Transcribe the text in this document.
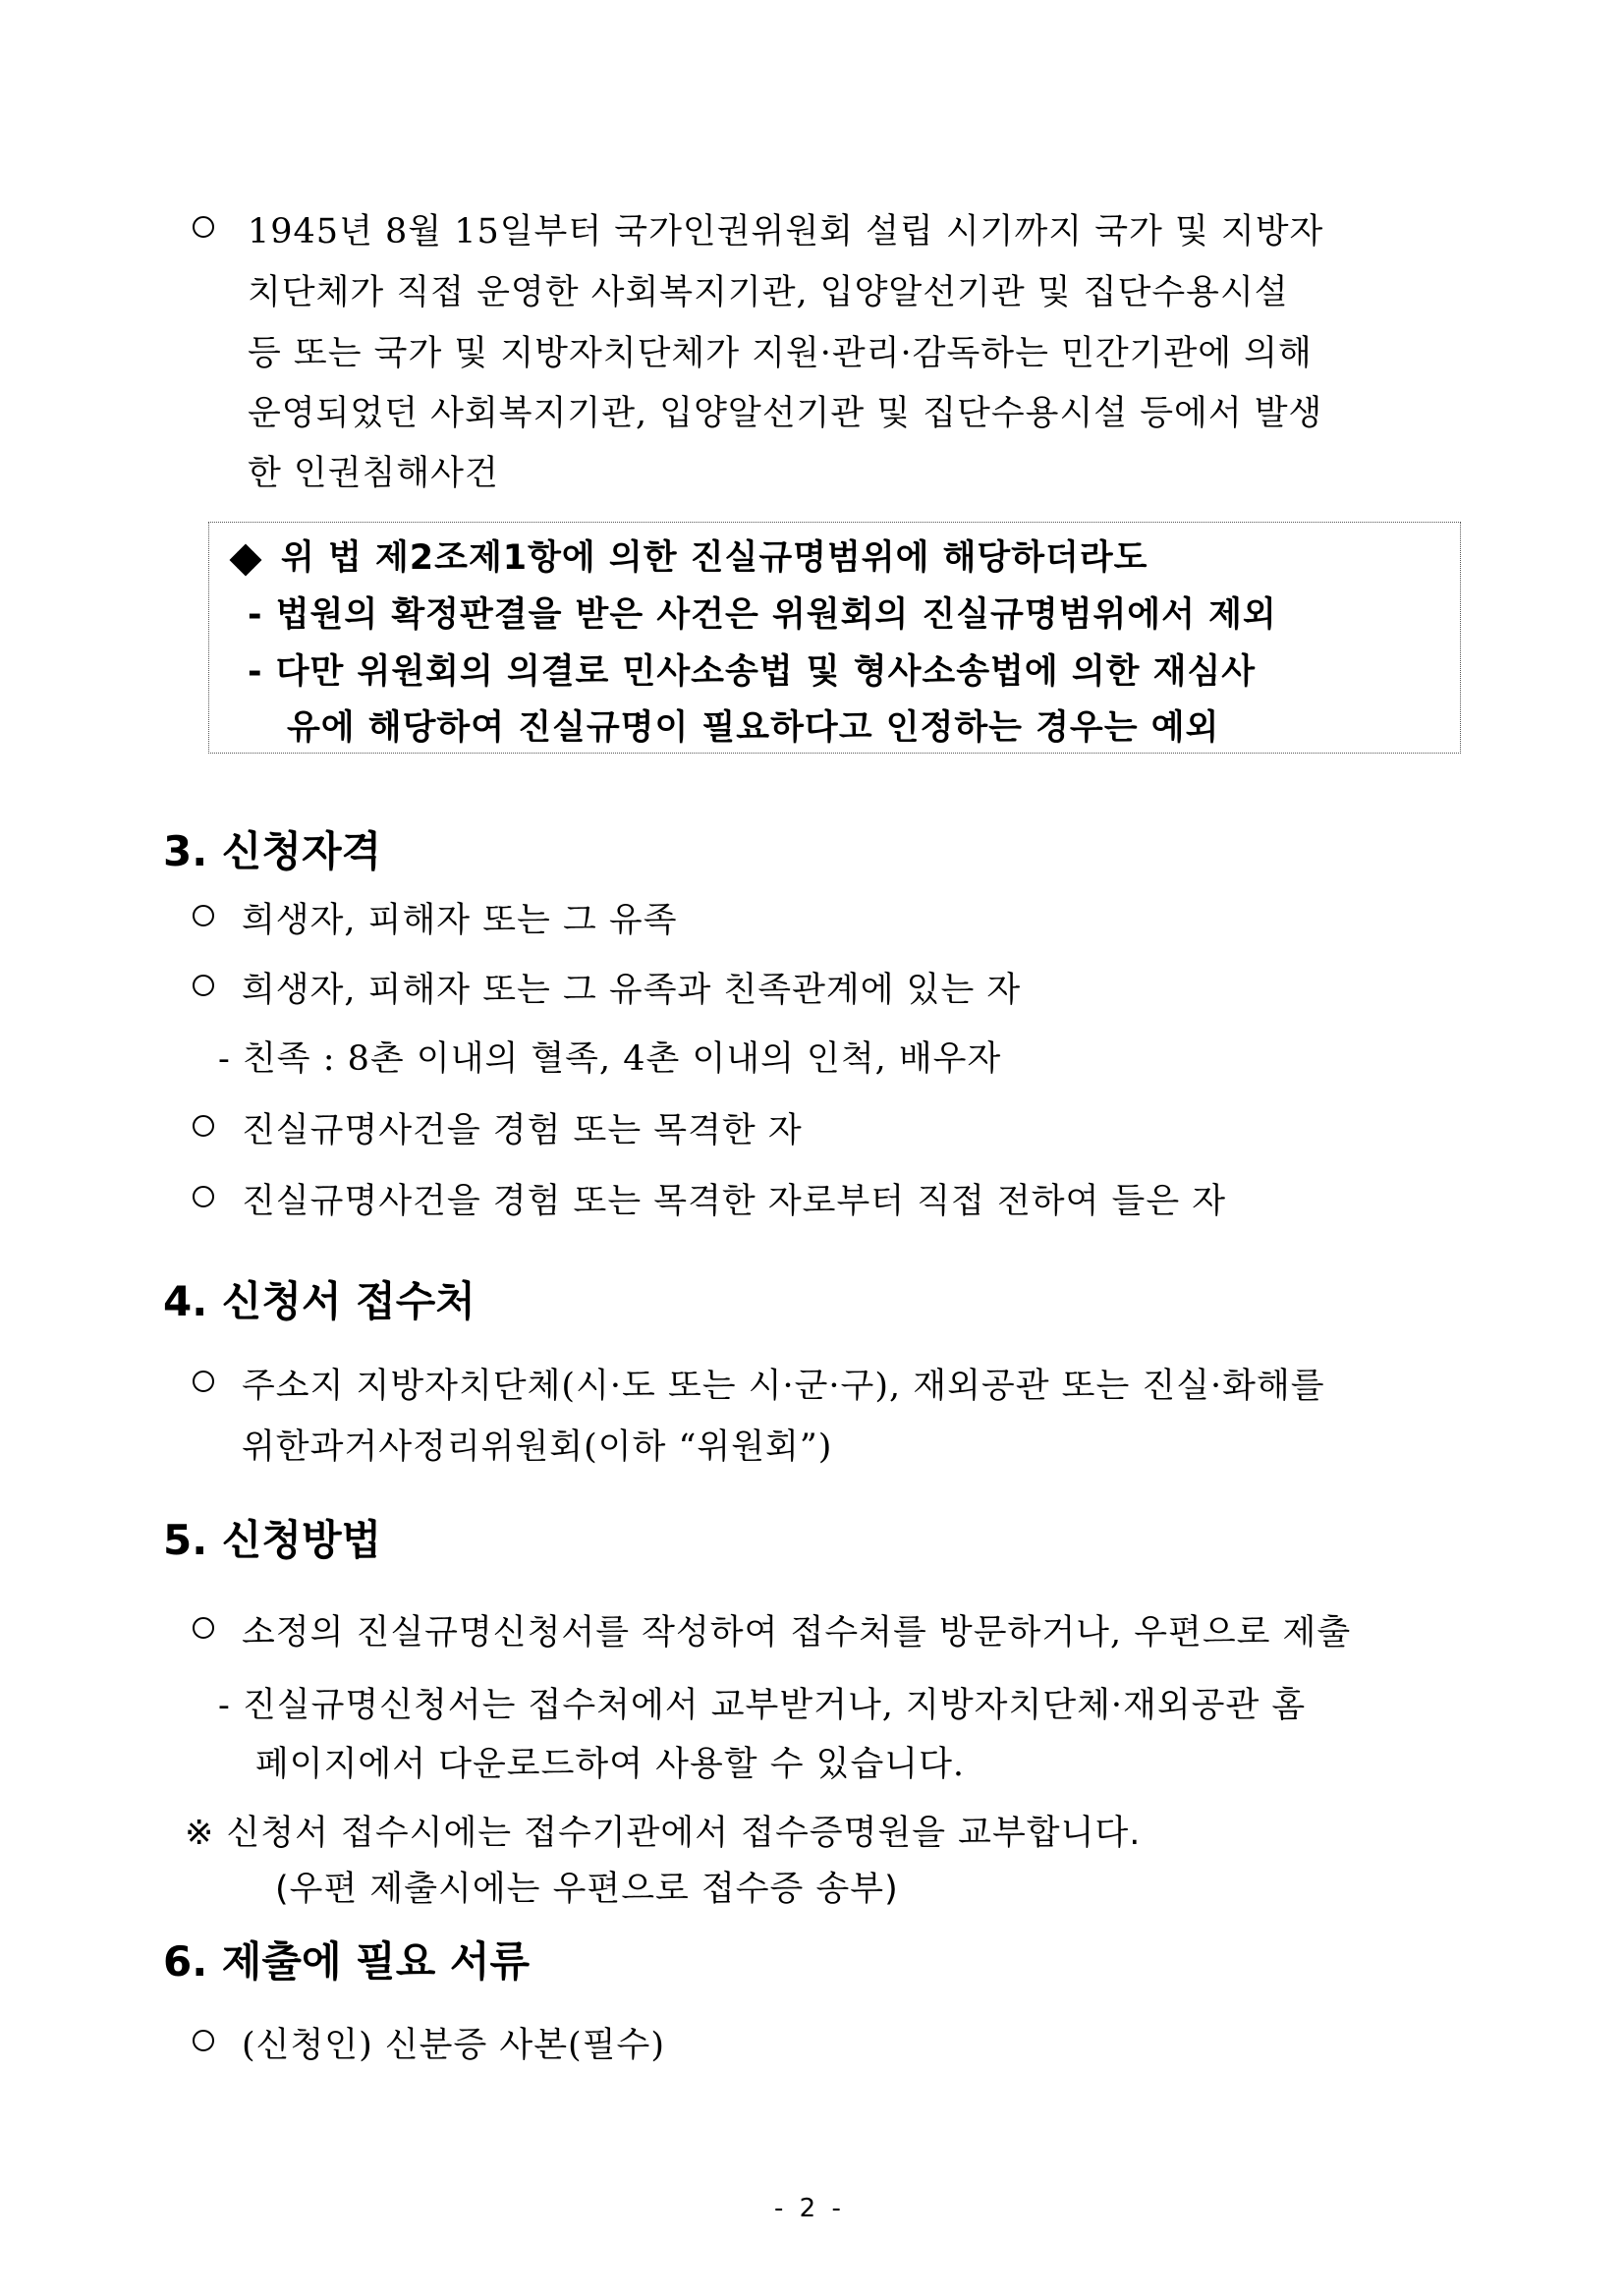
1945년 8월 15일부터 국가인권위원회 설립 시기까지 국가 및 지방자
치단체가 직접 운영한 사회복지기관, 입양알선기관 및 집단수용시설
등 또는 국가 및 지방자치단체가 지원·관리·감독하는 민간기관에 의해
운영되었던 사회복지기관, 입양알선기관 및 집단수용시설 등에서 발생
한 인권침해사건
위 법 제2조제1항에 의한 진실규명범위에 해당하더라도
- 법원의 확정판결을 받은 사건은 위원회의 진실규명범위에서 제외
- 다만 위원회의 의결로 민사소송법 및 형사소송법에 의한 재심사
유에 해당하여 진실규명이 필요하다고 인정하는 경우는 예외
3. 신청자격
희생자, 피해자 또는 그 유족
희생자, 피해자 또는 그 유족과 친족관계에 있는 자
- 친족 : 8촌 이내의 혈족, 4촌 이내의 인척, 배우자
진실규명사건을 경험 또는 목격한 자
진실규명사건을 경험 또는 목격한 자로부터 직접 전하여 들은 자
4. 신청서 접수처
주소지 지방자치단체(시·도 또는 시·군·구), 재외공관 또는 진실·화해를
위한과거사정리위원회(이하 “위원회”)
5. 신청방법
소정의 진실규명신청서를 작성하여 접수처를 방문하거나, 우편으로 제출
- 진실규명신청서는 접수처에서 교부받거나, 지방자치단체·재외공관 홈
페이지에서 다운로드하여 사용할 수 있습니다.
※ 신청서 접수시에는 접수기관에서 접수증명원을 교부합니다.
(우편 제출시에는 우편으로 접수증 송부)
6. 제출에 필요 서류
(신청인) 신분증 사본(필수)
- 2 -
